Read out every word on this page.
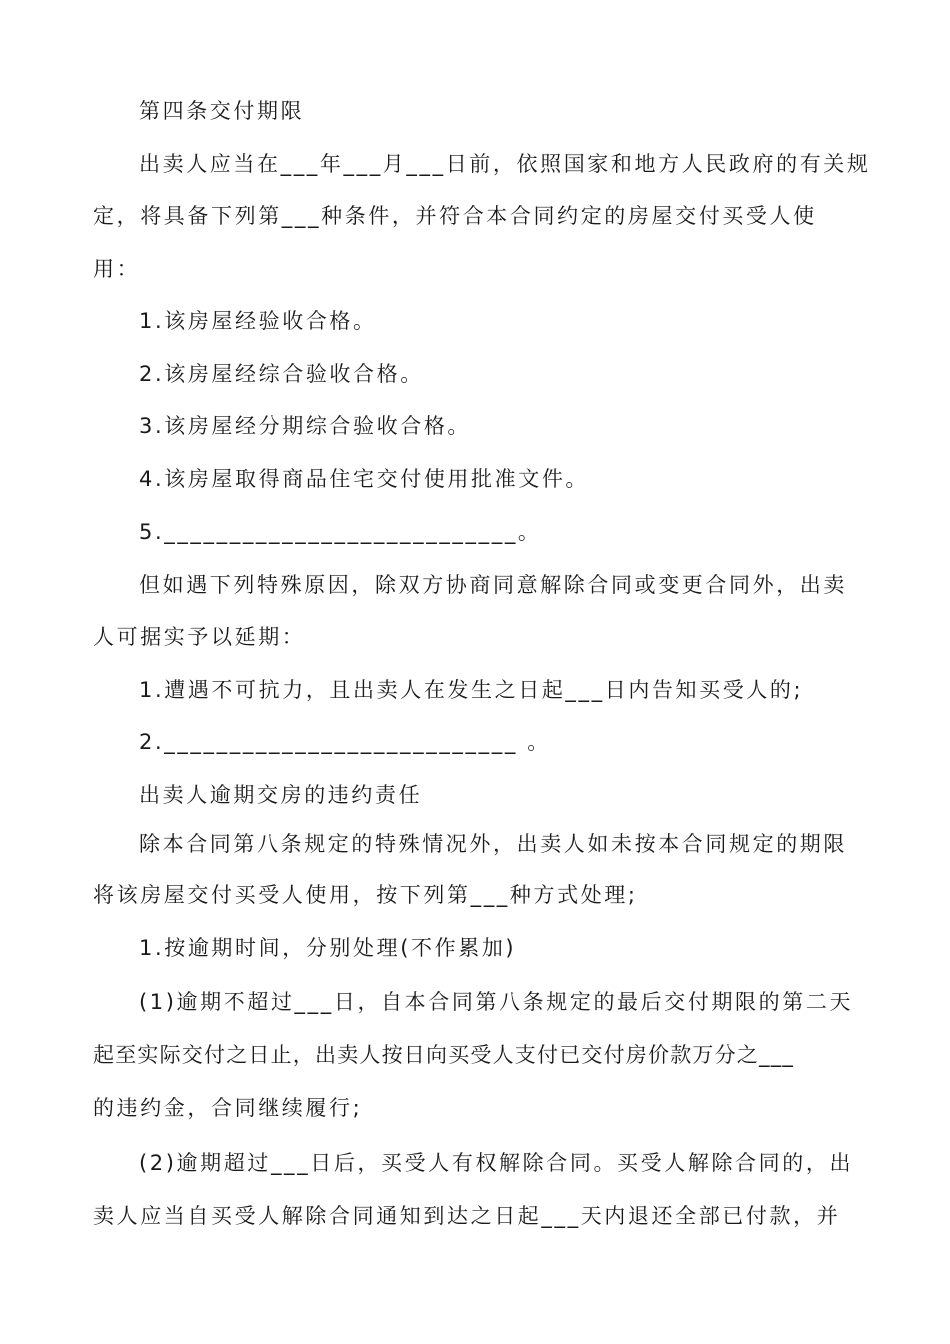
第四条交付期限

出卖人应当在___年___月___日前，依照国家和地方人民政府的有关规

定，将具备下列第___种条件，并符合本合同约定的房屋交付买受人使

用：

1.该房屋经验收合格。

2.该房屋经综合验收合格。

3.该房屋经分期综合验收合格。

4.该房屋取得商品住宅交付使用批准文件。

5.___________________________。

但如遇下列特殊原因，除双方协商同意解除合同或变更合同外，出卖

人可据实予以延期：

1.遭遇不可抗力，且出卖人在发生之日起___日内告知买受人的;

2.___________________________ 。

出卖人逾期交房的违约责任

除本合同第八条规定的特殊情况外，出卖人如未按本合同规定的期限

将该房屋交付买受人使用，按下列第___种方式处理;

1.按逾期时间，分别处理(不作累加)

(1)逾期不超过___日，自本合同第八条规定的最后交付期限的第二天

起至实际交付之日止，出卖人按日向买受人支付已交付房价款万分之___

的违约金，合同继续履行;

(2)逾期超过___日后，买受人有权解除合同。买受人解除合同的，出

卖人应当自买受人解除合同通知到达之日起___天内退还全部已付款，并
